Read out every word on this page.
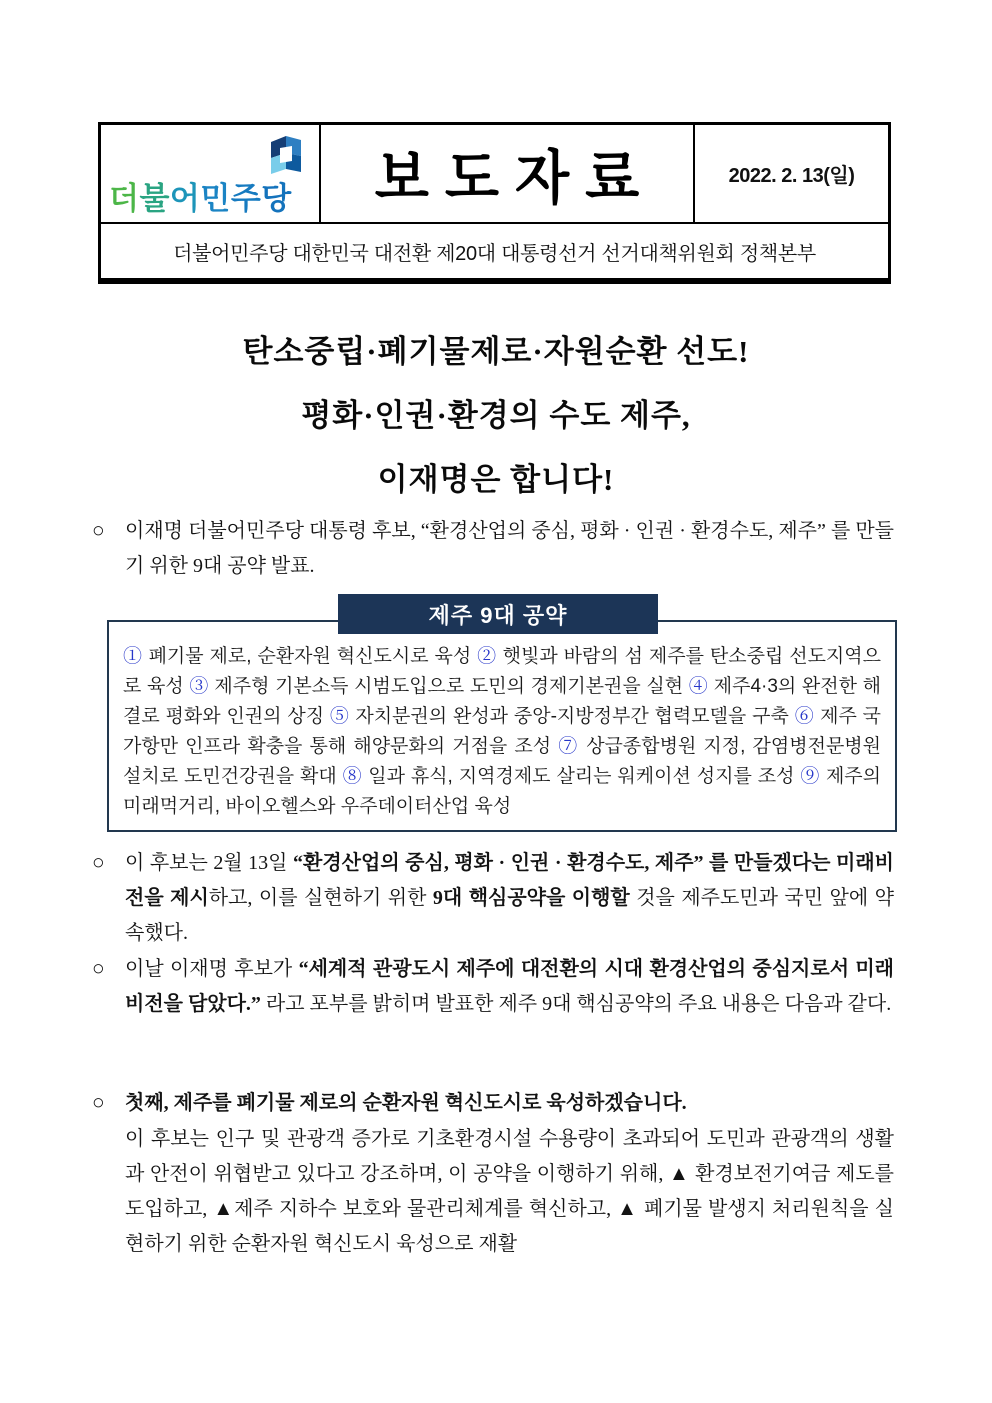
더불어민주당 보도자료	2022. 2. 13(일)
더불어민주당 대한민국 대전환 제20대 대통령선거 선거대책위원회 정책본부
탄소중립·폐기물제로·자원순환 선도!
평화·인권·환경의 수도 제주,
이재명은 합니다!
○ 이재명 더불어민주당 대통령 후보, “환경산업의 중심, 평화 · 인권 · 환경수도, 제주” 를 만들기 위한 9대 공약 발표.
제주 9대 공약
① 폐기물 제로, 순환자원 혁신도시로 육성 ② 햇빛과 바람의 섬 제주를 탄소중립 선도지역으로 육성 ③ 제주형 기본소득 시범도입으로 도민의 경제기본권을 실현 ④ 제주4·3의 완전한 해결로 평화와 인권의 상징 ⑤ 자치분권의 완성과 중앙-지방정부간 협력모델을 구축 ⑥ 제주 국가항만 인프라 확충을 통해 해양문화의 거점을 조성 ⑦ 상급종합병원 지정, 감염병전문병원 설치로 도민건강권을 확대 ⑧ 일과 휴식, 지역경제도 살리는 워케이션 성지를 조성 ⑨ 제주의 미래먹거리, 바이오헬스와 우주데이터산업 육성
○ 이 후보는 2월 13일 “환경산업의 중심, 평화 · 인권 · 환경수도, 제주” 를 만들겠다는 미래비전을 제시하고, 이를 실현하기 위한 9대 핵심공약을 이행할 것을 제주도민과 국민 앞에 약속했다.
○ 이날 이재명 후보가 “세계적 관광도시 제주에 대전환의 시대 환경산업의 중심지로서 미래비전을 담았다.” 라고 포부를 밝히며 발표한 제주 9대 핵심공약의 주요 내용은 다음과 같다.
○ 첫째, 제주를 폐기물 제로의 순환자원 혁신도시로 육성하겠습니다.
이 후보는 인구 및 관광객 증가로 기초환경시설 수용량이 초과되어 도민과 관광객의 생활과 안전이 위협받고 있다고 강조하며, 이 공약을 이행하기 위해, ▲ 환경보전기여금 제도를 도입하고, ▲제주 지하수 보호와 물관리체계를 혁신하고, ▲ 폐기물 발생지 처리원칙을 실현하기 위한 순환자원 혁신도시 육성으로 재활
